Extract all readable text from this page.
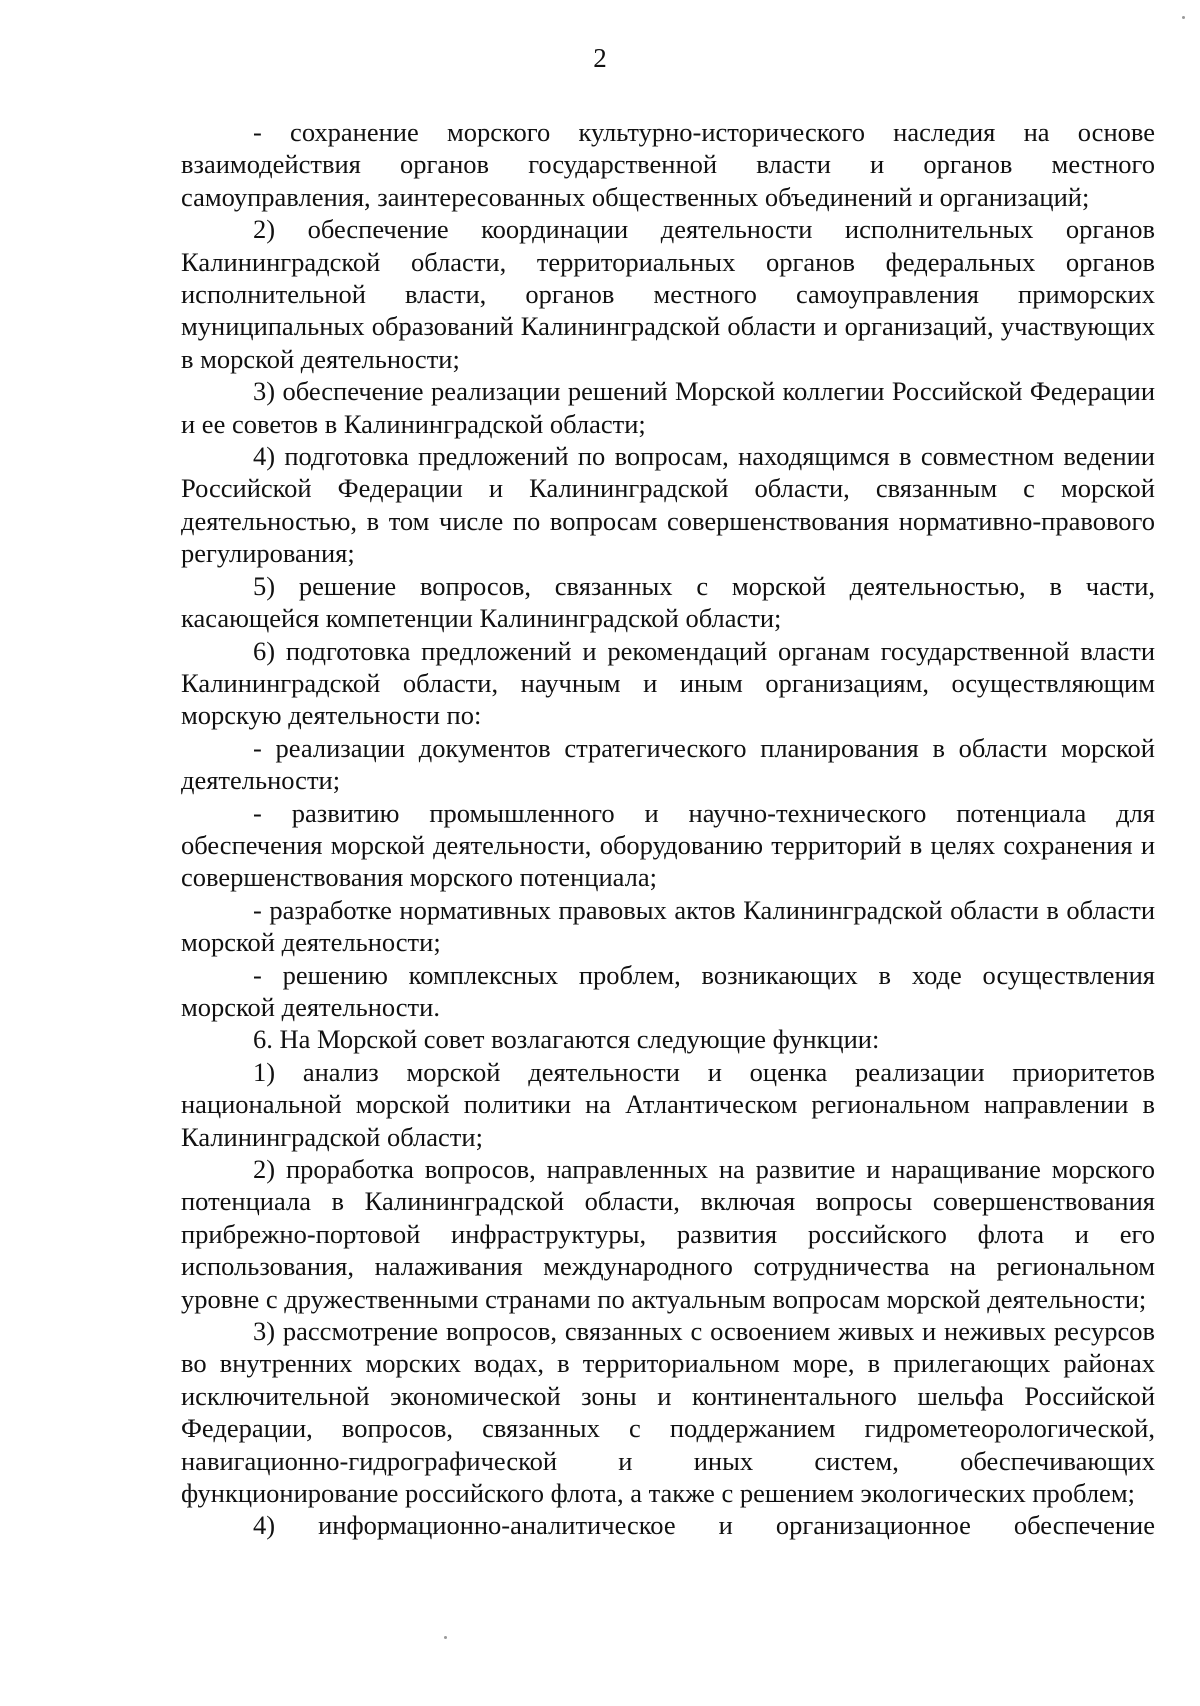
2

- сохранение морского культурно-исторического наследия на основе взаимодействия органов государственной власти и органов местного самоуправления, заинтересованных общественных объединений и организаций;

2) обеспечение координации деятельности исполнительных органов Калининградской области, территориальных органов федеральных органов исполнительной власти, органов местного самоуправления приморских муниципальных образований Калининградской области и организаций, участвующих в морской деятельности;

3) обеспечение реализации решений Морской коллегии Российской Федерации и ее советов в Калининградской области;

4) подготовка предложений по вопросам, находящимся в совместном ведении Российской Федерации и Калининградской области, связанным с морской деятельностью, в том числе по вопросам совершенствования нормативно-правового регулирования;

5) решение вопросов, связанных с морской деятельностью, в части, касающейся компетенции Калининградской области;

6) подготовка предложений и рекомендаций органам государственной власти Калининградской области, научным и иным организациям, осуществляющим морскую деятельности по:

- реализации документов стратегического планирования в области морской деятельности;

- развитию промышленного и научно-технического потенциала для обеспечения морской деятельности, оборудованию территорий в целях сохранения и совершенствования морского потенциала;

- разработке нормативных правовых актов Калининградской области в области морской деятельности;

- решению комплексных проблем, возникающих в ходе осуществления морской деятельности.

6. На Морской совет возлагаются следующие функции:

1) анализ морской деятельности и оценка реализации приоритетов национальной морской политики на Атлантическом региональном направлении в Калининградской области;

2) проработка вопросов, направленных на развитие и наращивание морского потенциала в Калининградской области, включая вопросы совершенствования прибрежно-портовой инфраструктуры, развития российского флота и его использования, налаживания международного сотрудничества на региональном уровне с дружественными странами по актуальным вопросам морской деятельности;

3) рассмотрение вопросов, связанных с освоением живых и неживых ресурсов во внутренних морских водах, в территориальном море, в прилегающих районах исключительной экономической зоны и континентального шельфа Российской Федерации, вопросов, связанных с поддержанием гидрометеорологической, навигационно-гидрографической и иных систем, обеспечивающих функционирование российского флота, а также с решением экологических проблем;

4) информационно-аналитическое и организационное обеспечение
